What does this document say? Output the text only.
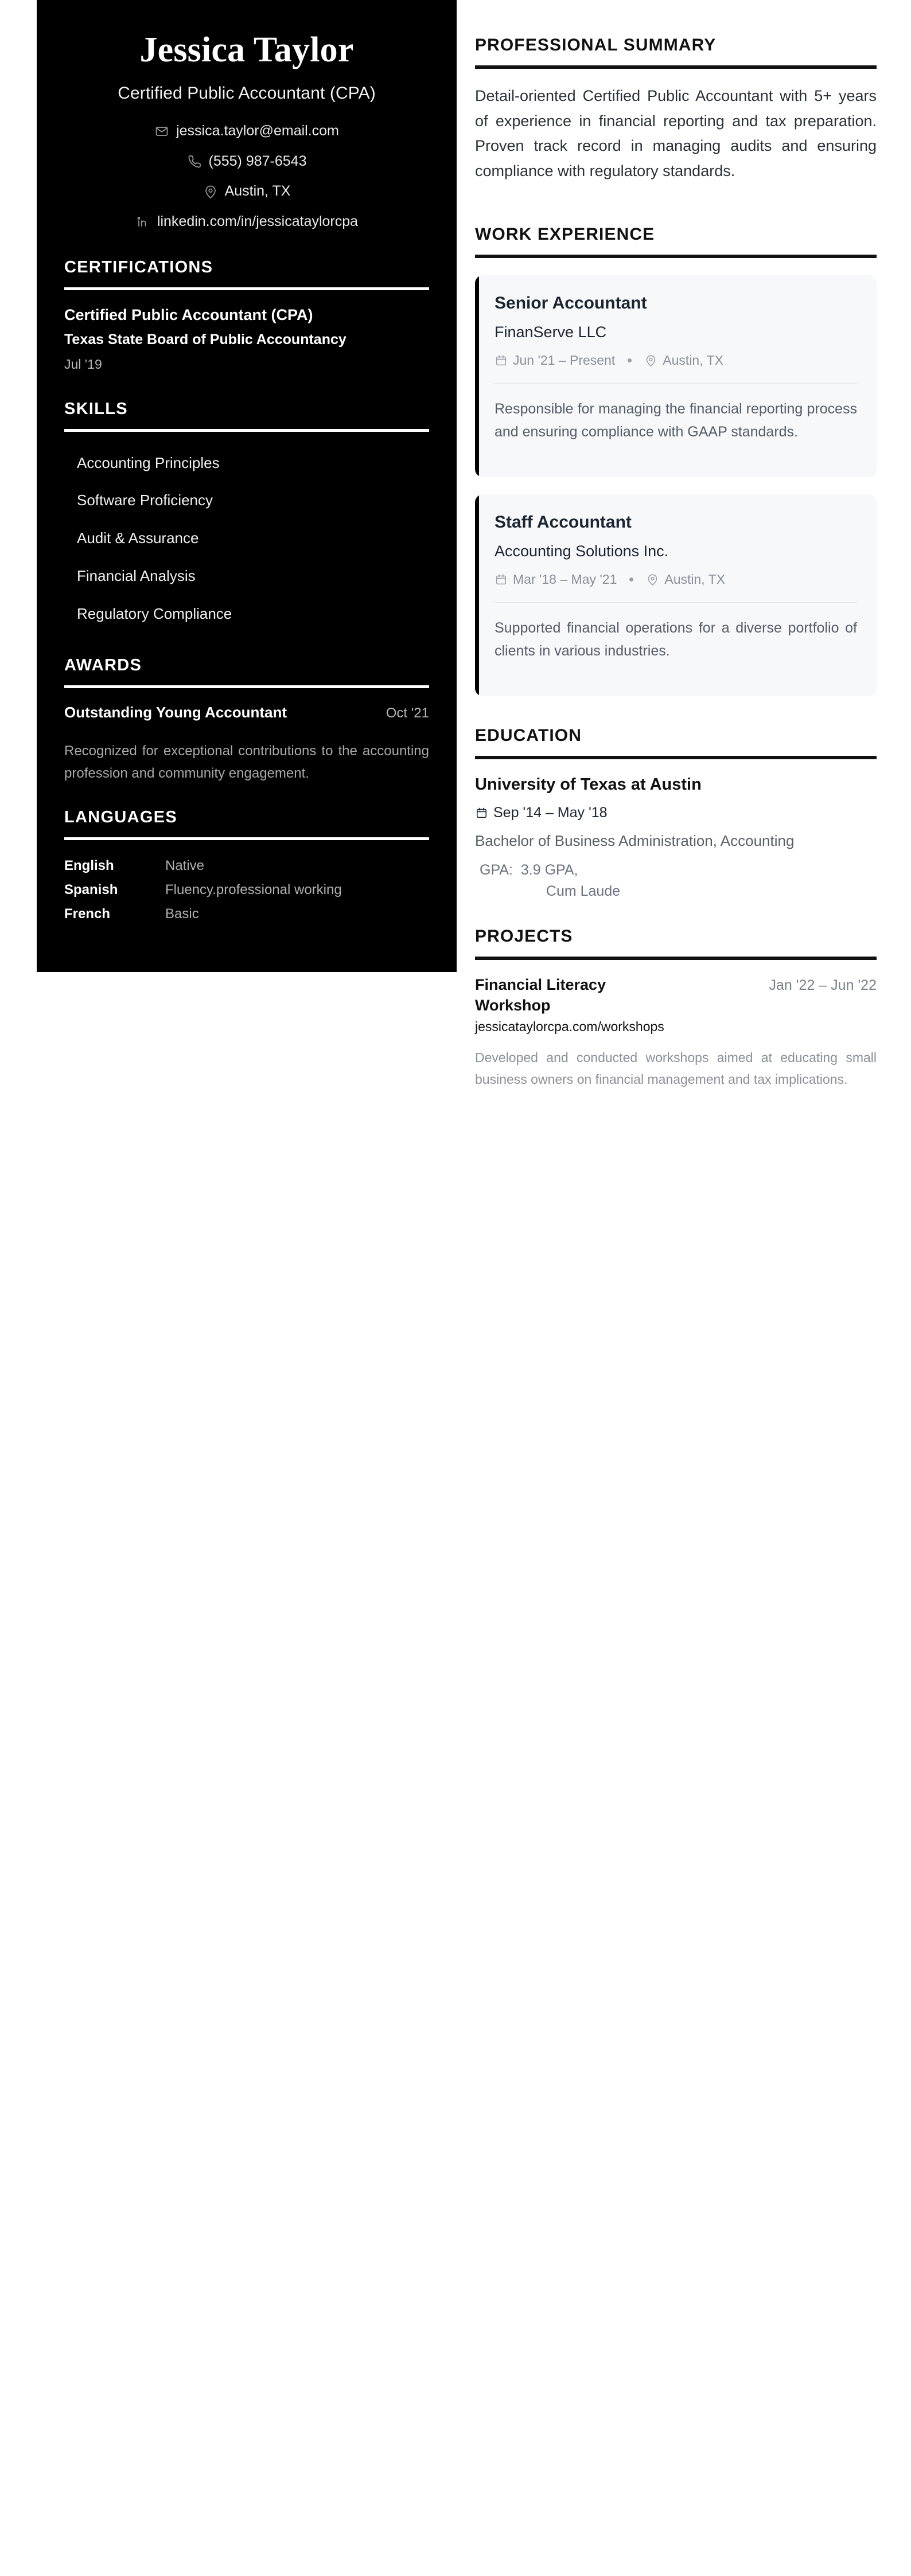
Jessica Taylor
Certified Public Accountant (CPA)
jessica.taylor@email.com
(555) 987-6543
Austin, TX
linkedin.com/in/jessicataylorcpa
CERTIFICATIONS
Certified Public Accountant (CPA)
Texas State Board of Public Accountancy
Jul '19
SKILLS
Accounting Principles
Software Proficiency
Audit & Assurance
Financial Analysis
Regulatory Compliance
AWARDS
Outstanding Young Accountant	Oct '21
Recognized for exceptional contributions to the accounting profession and community engagement.
LANGUAGES
English	Native
Spanish	Fluency.professional working
French	Basic
PROFESSIONAL SUMMARY

Detail-oriented Certified Public Accountant with 5+ years of experience in financial reporting and tax preparation. Proven track record in managing audits and ensuring compliance with regulatory standards.

WORK EXPERIENCE
Senior Accountant
FinanServe LLC
Jun '21 – Present	Austin, TX

Responsible for managing the financial reporting process and ensuring compliance with GAAP standards.

Staff Accountant
Accounting Solutions Inc.
Mar '18 – May '21	Austin, TX

Supported financial operations for a diverse portfolio of clients in various industries.

EDUCATION
University of Texas at Austin
Sep '14 – May '18
Bachelor of Business Administration, Accounting
GPA: 3.9 GPA,
Cum Laude
PROJECTS
Financial Literacy Workshop
Jan '22 – Jun '22
jessicataylorcpa.com/workshops

Developed and conducted workshops aimed at educating small business owners on financial management and tax implications.
